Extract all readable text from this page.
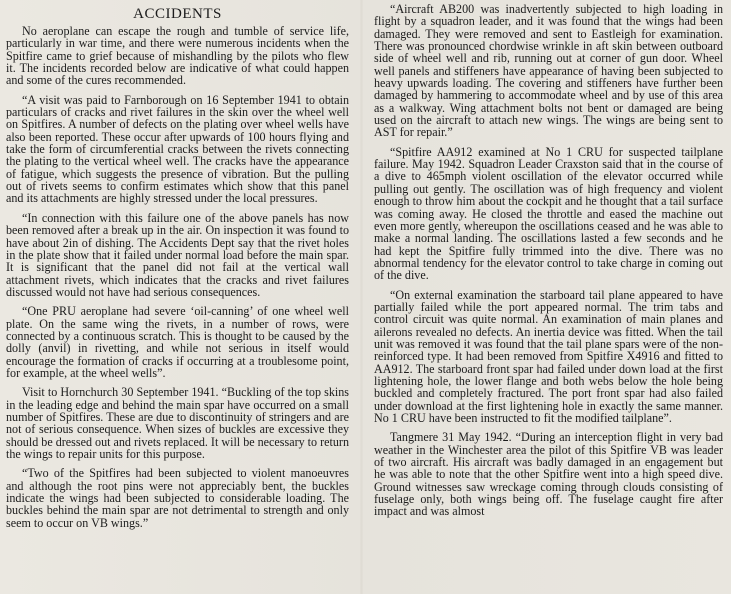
ACCIDENTS

No aeroplane can escape the rough and tumble of service life, particularly in war time, and there were numerous incidents when the Spitfire came to grief because of mishandling by the pilots who flew it. The incidents recorded below are indicative of what could happen and some of the cures recommended.

“A visit was paid to Farnborough on 16 September 1941 to obtain particulars of cracks and rivet failures in the skin over the wheel well on Spitfires. A number of defects on the plating over wheel wells have also been reported. These occur after upwards of 100 hours flying and take the form of circumferential cracks between the rivets connecting the plating to the vertical wheel well. The cracks have the appearance of fatigue, which suggests the presence of vibration. But the pulling out of rivets seems to confirm estimates which show that this panel and its attachments are highly stressed under the local pressures.

“In connection with this failure one of the above panels has now been removed after a break up in the air. On inspection it was found to have about 2in of dishing. The Accidents Dept say that the rivet holes in the plate show that it failed under normal load before the main spar. It is significant that the panel did not fail at the vertical wall attachment rivets, which indicates that the cracks and rivet failures discussed would not have had serious consequences.

“One PRU aeroplane had severe ‘oil-canning’ of one wheel well plate. On the same wing the rivets, in a number of rows, were connected by a continuous scratch. This is thought to be caused by the dolly (anvil) in rivetting, and while not serious in itself would encourage the formation of cracks if occurring at a troublesome point, for example, at the wheel wells”.

Visit to Hornchurch 30 September 1941. “Buckling of the top skins in the leading edge and behind the main spar have occurred on a small number of Spitfires. These are due to discontinuity of stringers and are not of serious consequence. When sizes of buckles are excessive they should be dressed out and rivets replaced. It will be necessary to return the wings to repair units for this purpose.

“Two of the Spitfires had been subjected to violent manoeuvres and although the root pins were not appreciably bent, the buckles indicate the wings had been subjected to considerable loading. The buckles behind the main spar are not detrimental to strength and only seem to occur on VB wings.”

“Aircraft AB200 was inadvertently subjected to high loading in flight by a squadron leader, and it was found that the wings had been damaged. They were removed and sent to Eastleigh for examination. There was pronounced chordwise wrinkle in aft skin between outboard side of wheel well and rib, running out at corner of gun door. Wheel well panels and stiffeners have appearance of having been subjected to heavy upwards loading. The covering and stiffeners have further been damaged by hammering to accommodate wheel and by use of this area as a walkway. Wing attachment bolts not bent or damaged are being used on the aircraft to attach new wings. The wings are being sent to AST for repair.”

“Spitfire AA912 examined at No 1 CRU for suspected tailplane failure. May 1942. Squadron Leader Craxston said that in the course of a dive to 465mph violent oscillation of the elevator occurred while pulling out gently. The oscillation was of high frequency and violent enough to throw him about the cockpit and he thought that a tail surface was coming away. He closed the throttle and eased the machine out even more gently, whereupon the oscillations ceased and he was able to make a normal landing. The oscillations lasted a few seconds and he had kept the Spitfire fully trimmed into the dive. There was no abnormal tendency for the elevator control to take charge in coming out of the dive.

“On external examination the starboard tail plane appeared to have partially failed while the port appeared normal. The trim tabs and control circuit was quite normal. An examination of main planes and ailerons revealed no defects. An inertia device was fitted. When the tail unit was removed it was found that the tail plane spars were of the non-reinforced type. It had been removed from Spitfire X4916 and fitted to AA912. The starboard front spar had failed under down load at the first lightening hole, the lower flange and both webs below the hole being buckled and completely fractured. The port front spar had also failed under download at the first lightening hole in exactly the same manner. No 1 CRU have been instructed to fit the modified tailplane”.

Tangmere 31 May 1942. “During an interception flight in very bad weather in the Winchester area the pilot of this Spitfire VB was leader of two aircraft. His aircraft was badly damaged in an engagement but he was able to note that the other Spitfire went into a high speed dive. Ground witnesses saw wreckage coming through clouds consisting of fuselage only, both wings being off. The fuselage caught fire after impact and was almost
